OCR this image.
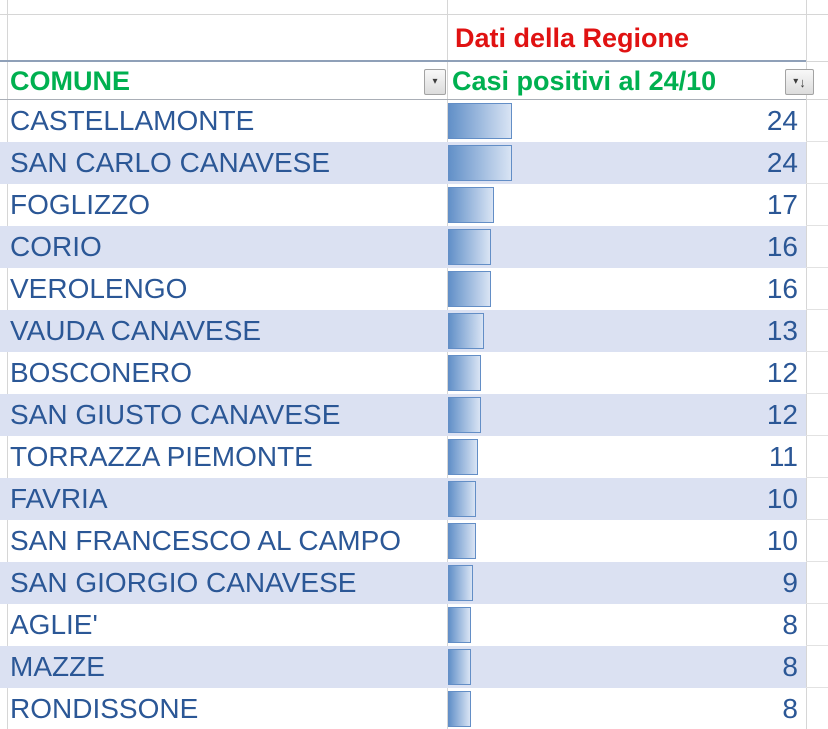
Dati della Regione
COMUNE	▾ Casi positivi al 24/10	▾ ↓
CASTELLAMONTE	24
SAN CARLO CANAVESE	24
FOGLIZZO	17
CORIO	16
VEROLENGO	16
VAUDA CANAVESE	13
BOSCONERO	12
SAN GIUSTO CANAVESE	12
TORRAZZA PIEMONTE	11
FAVRIA	10
SAN FRANCESCO AL CAMPO	10
SAN GIORGIO CANAVESE	9
AGLIE'	8
MAZZE	8
RONDISSONE	8
